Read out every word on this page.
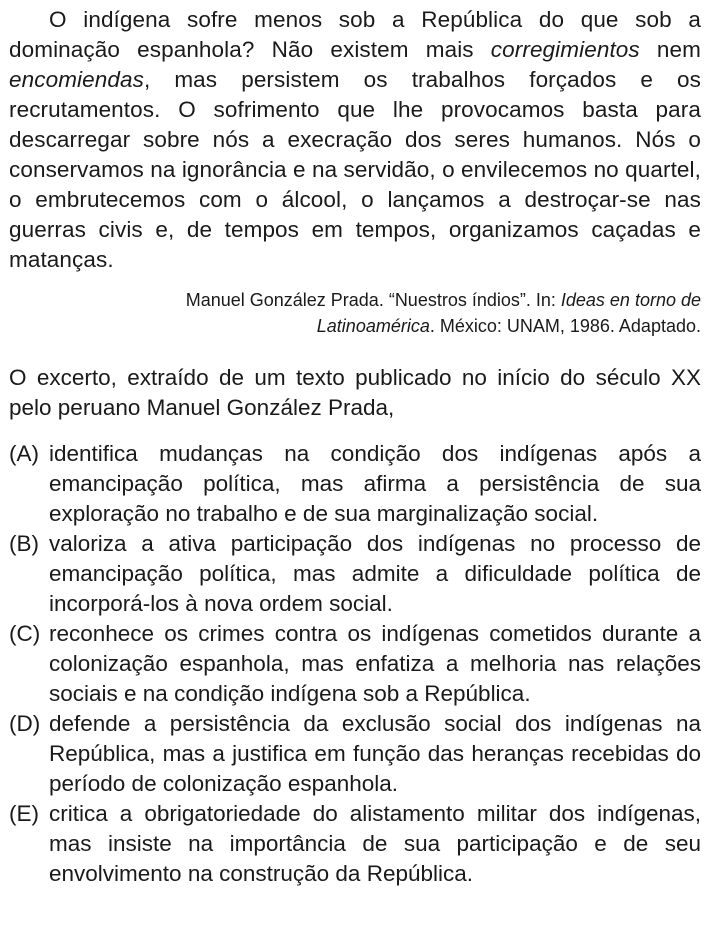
O indígena sofre menos sob a República do que sob a dominação espanhola? Não existem mais corregimientos nem encomiendas, mas persistem os trabalhos forçados e os recrutamentos. O sofrimento que lhe provocamos basta para descarregar sobre nós a execração dos seres humanos. Nós o conservamos na ignorância e na servidão, o envilecemos no quartel, o embrutecemos com o álcool, o lançamos a destroçar-se nas guerras civis e, de tempos em tempos, organizamos caçadas e matanças.

Manuel González Prada. “Nuestros índios”. In: Ideas en torno de Latinoamérica. México: UNAM, 1986. Adaptado.

O excerto, extraído de um texto publicado no início do século XX pelo peruano Manuel González Prada,

(A) identifica mudanças na condição dos indígenas após a emancipação política, mas afirma a persistência de sua exploração no trabalho e de sua marginalização social.
(B) valoriza a ativa participação dos indígenas no processo de emancipação política, mas admite a dificuldade política de incorporá-los à nova ordem social.
(C) reconhece os crimes contra os indígenas cometidos durante a colonização espanhola, mas enfatiza a melhoria nas relações sociais e na condição indígena sob a República.
(D) defende a persistência da exclusão social dos indígenas na República, mas a justifica em função das heranças recebidas do período de colonização espanhola.
(E) critica a obrigatoriedade do alistamento militar dos indígenas, mas insiste na importância de sua participação e de seu envolvimento na construção da República.
